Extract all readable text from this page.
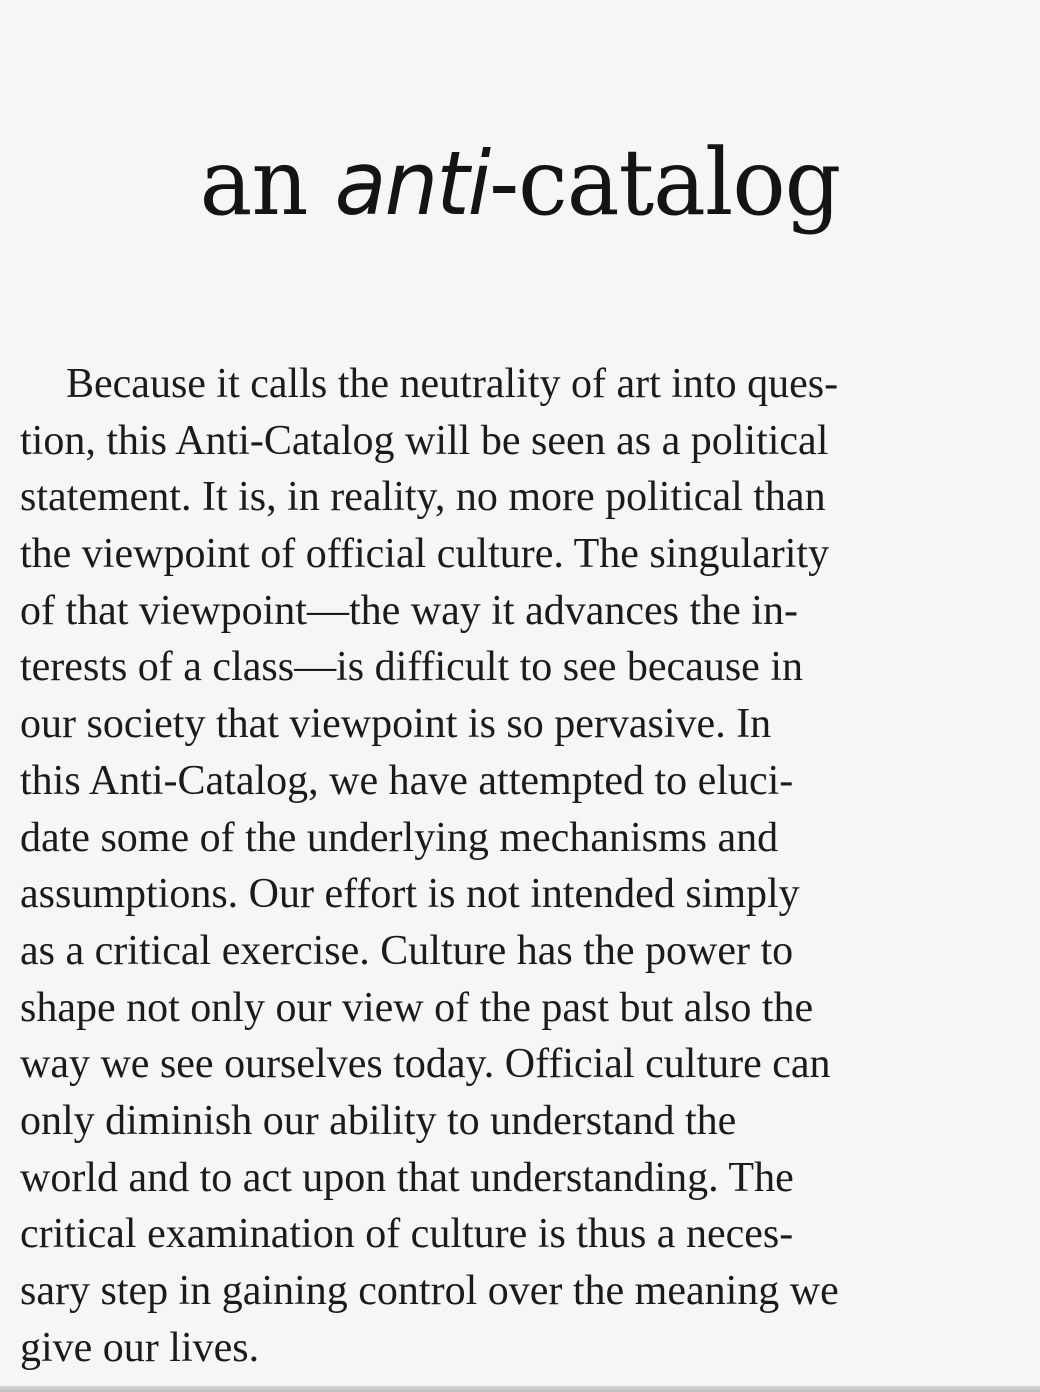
an anti-catalog
Because it calls the neutrality of art into ques-
tion, this Anti-Catalog will be seen as a political
statement. It is, in reality, no more political than
the viewpoint of official culture. The singularity
of that viewpoint—the way it advances the in-
terests of a class—is difficult to see because in
our society that viewpoint is so pervasive. In
this Anti-Catalog, we have attempted to eluci-
date some of the underlying mechanisms and
assumptions. Our effort is not intended simply
as a critical exercise. Culture has the power to
shape not only our view of the past but also the
way we see ourselves today. Official culture can
only diminish our ability to understand the
world and to act upon that understanding. The
critical examination of culture is thus a neces-
sary step in gaining control over the meaning we
give our lives.
